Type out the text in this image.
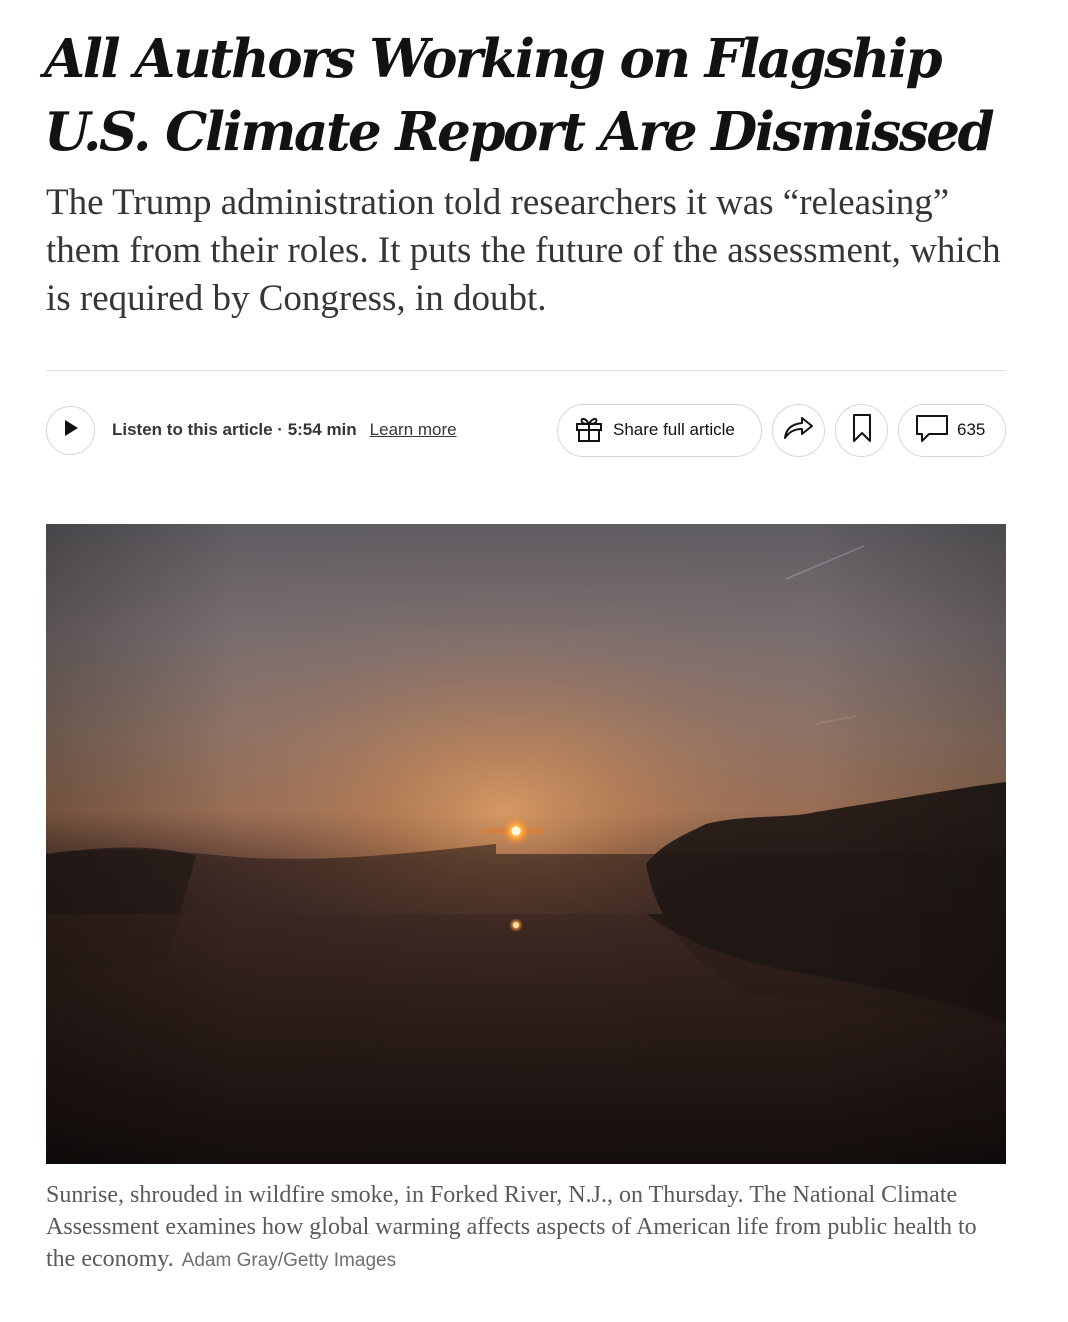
All Authors Working on Flagship U.S. Climate Report Are Dismissed

The Trump administration told researchers it was “releasing” them from their roles. It puts the future of the assessment, which is required by Congress, in doubt.

Listen to this article · 5:54 min Learn more	Share full article	635
Sunrise, shrouded in wildfire smoke, in Forked River, N.J., on Thursday. The National Climate Assessment examines how global warming affects aspects of American life from public health to the economy. Adam Gray/Getty Images
